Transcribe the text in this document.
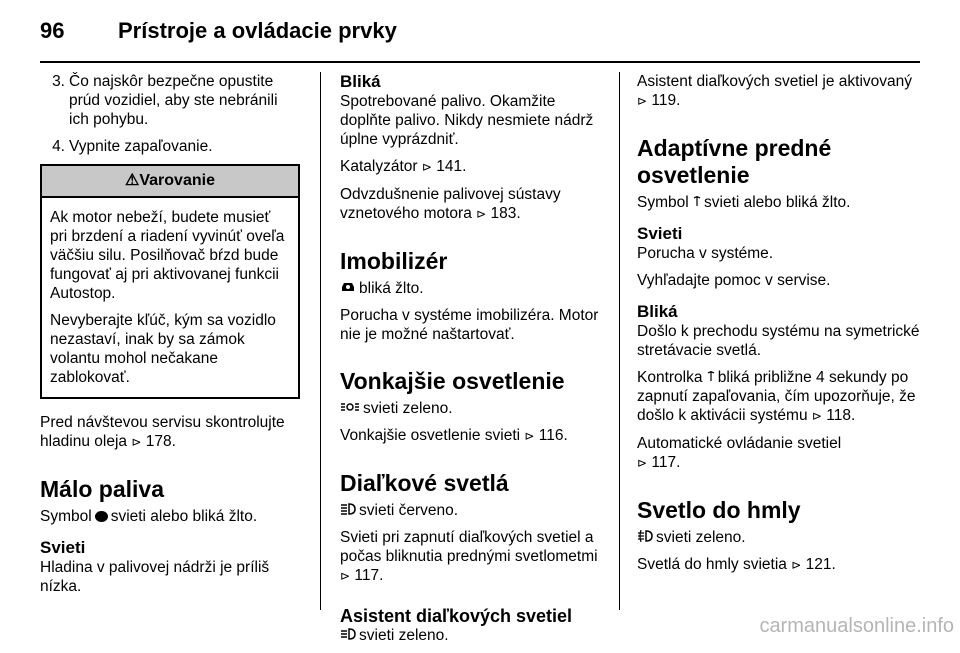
96 Prístroje a ovládacie prvky
3. Čo najskôr bezpečne opustite prúd vozidiel, aby ste nebránili ich pohybu.
4. Vypnite zapaľovanie.
⚠Varovanie

Ak motor nebeží, budete musieť pri brzdení a riadení vyvinúť oveľa väčšiu silu. Posilňovač bŕzd bude fungovať aj pri aktivovanej funkcii Autostop.

Nevyberajte kľúč, kým sa vozidlo nezastaví, inak by sa zámok volantu mohol nečakane zablokovať.

Pred návštevou servisu skontrolujte hladinu oleja ⊳ 178.

Málo paliva

Symbol svieti alebo bliká žlto.

Svieti

Hladina v palivovej nádrži je príliš nízka.

Bliká

Spotrebované palivo. Okamžite doplňte palivo. Nikdy nesmiete nádrž úplne vyprázdniť.

Katalyzátor ⊳ 141.

Odvzdušnenie palivovej sústavy vznetového motora ⊳ 183.

Imobilizér

bliká žlto.

Porucha v systéme imobilizéra. Motor nie je možné naštartovať.

Vonkajšie osvetlenie

svieti zeleno.

Vonkajšie osvetlenie svieti ⊳ 116.

Diaľkové svetlá

svieti červeno.

Svieti pri zapnutí diaľkových svetiel a počas bliknutia prednými svetlometmi ⊳ 117.

Asistent diaľkových svetiel

svieti zeleno.

Asistent diaľkových svetiel je aktivovaný ⊳ 119.

Adaptívne predné osvetlenie

Symbol svieti alebo bliká žlto.

Svieti

Porucha v systéme.

Vyhľadajte pomoc v servise.

Bliká

Došlo k prechodu systému na symetrické stretávacie svetlá.

Kontrolka bliká približne 4 sekundy po zapnutí zapaľovania, čím upozorňuje, že došlo k aktivácii systému ⊳ 118.

Automatické ovládanie svetiel
⊳ 117.

Svetlo do hmly

svieti zeleno.

Svetlá do hmly svietia ⊳ 121.

carmanualsonline.info
